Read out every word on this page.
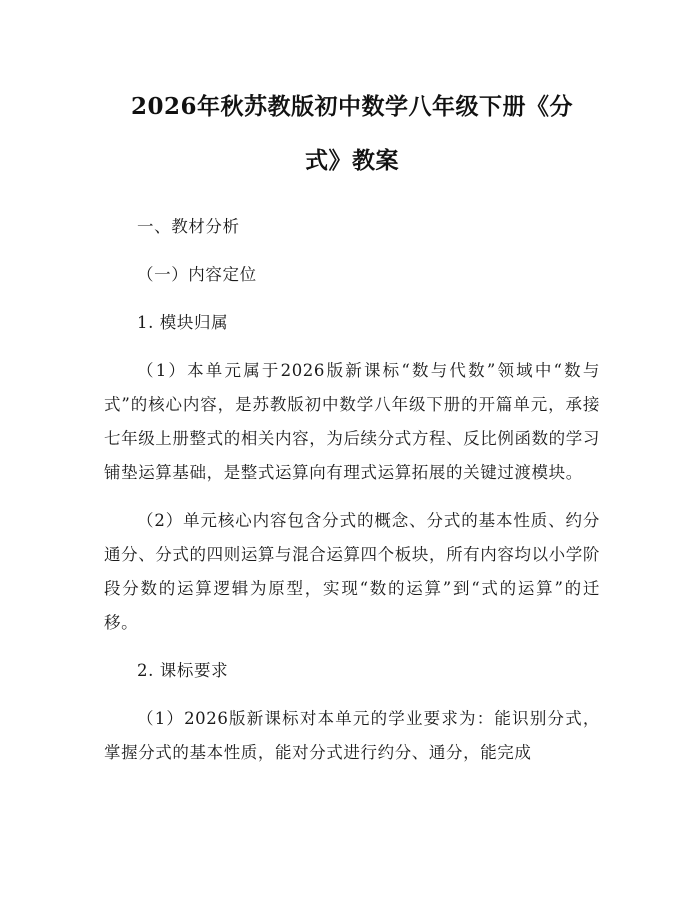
2026年秋苏教版初中数学八年级下册《分
式》教案
一、教材分析
（一）内容定位
1. 模块归属

（1）本单元属于2026版新课标“数与代数”领域中“数与式”的核心内容，是苏教版初中数学八年级下册的开篇单元，承接七年级上册整式的相关内容，为后续分式方程、反比例函数的学习铺垫运算基础，是整式运算向有理式运算拓展的关键过渡模块。

（2）单元核心内容包含分式的概念、分式的基本性质、约分通分、分式的四则运算与混合运算四个板块，所有内容均以小学阶段分数的运算逻辑为原型，实现“数的运算”到“式的运算”的迁移。

2. 课标要求

（1）2026版新课标对本单元的学业要求为：能识别分式，掌握分式的基本性质，能对分式进行约分、通分，能完成
